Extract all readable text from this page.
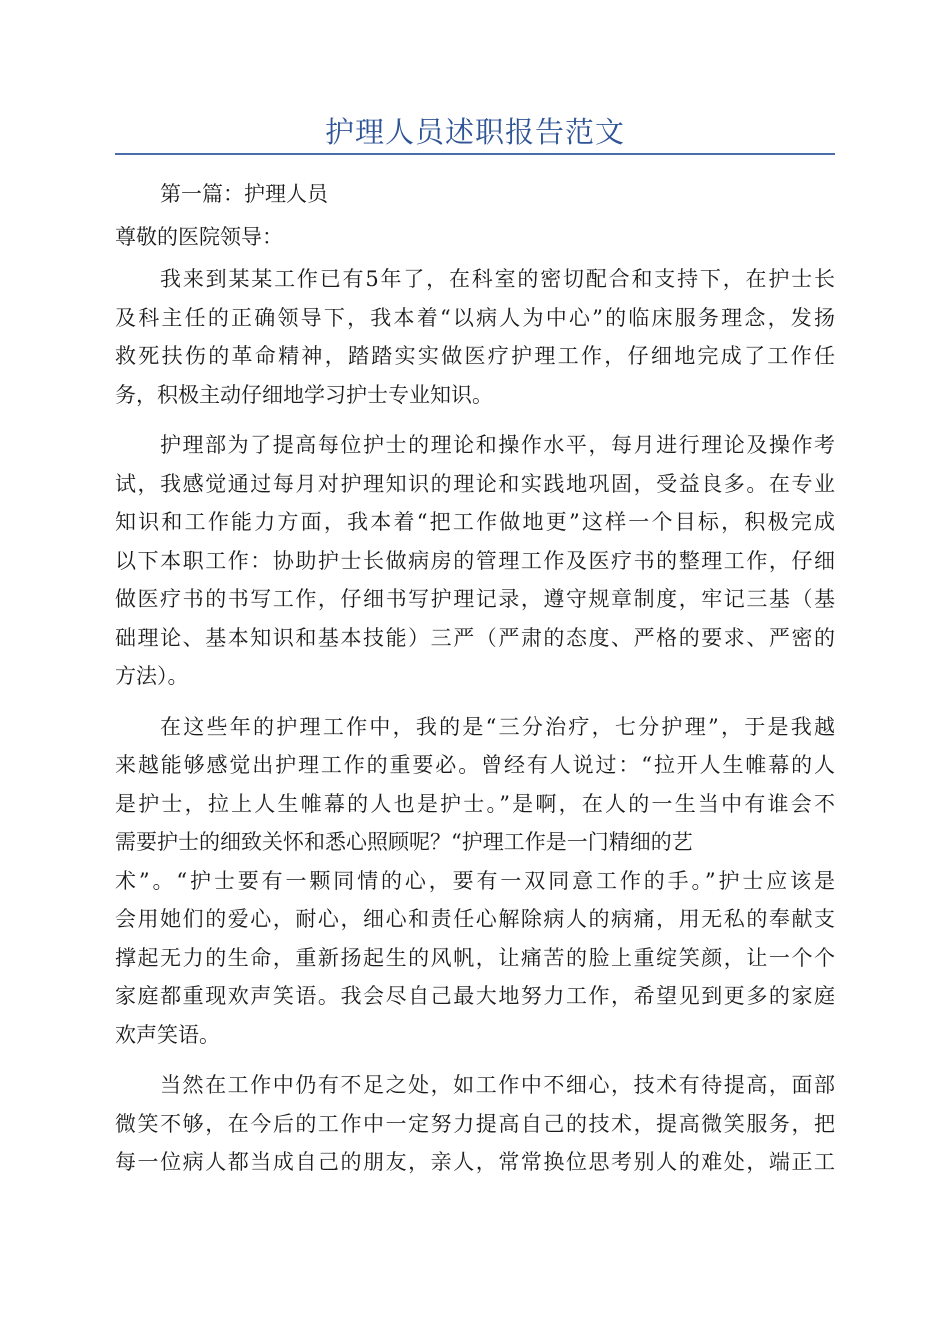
护理人员述职报告范文
第一篇：护理人员
尊敬的医院领导：
我来到某某工作已有5年了，在科室的密切配合和支持下，在护士长
及科主任的正确领导下，我本着“以病人为中心”的临床服务理念，发扬
救死扶伤的革命精神，踏踏实实做医疗护理工作，仔细地完成了工作任
务，积极主动仔细地学习护士专业知识。
护理部为了提高每位护士的理论和操作水平，每月进行理论及操作考
试，我感觉通过每月对护理知识的理论和实践地巩固，受益良多。在专业
知识和工作能力方面，我本着“把工作做地更”这样一个目标，积极完成
以下本职工作：协助护士长做病房的管理工作及医疗书的整理工作，仔细
做医疗书的书写工作，仔细书写护理记录，遵守规章制度，牢记三基（基
础理论、基本知识和基本技能）三严（严肃的态度、严格的要求、严密的
方法）。
在这些年的护理工作中，我的是“三分治疗，七分护理”，于是我越
来越能够感觉出护理工作的重要必。曾经有人说过：“拉开人生帷幕的人
是护士，拉上人生帷幕的人也是护士。”是啊，在人的一生当中有谁会不
需要护士的细致关怀和悉心照顾呢？“护理工作是一门精细的艺
术”。“护士要有一颗同情的心，要有一双同意工作的手。”护士应该是
会用她们的爱心，耐心，细心和责任心解除病人的病痛，用无私的奉献支
撑起无力的生命，重新扬起生的风帆，让痛苦的脸上重绽笑颜，让一个个
家庭都重现欢声笑语。我会尽自己最大地努力工作，希望见到更多的家庭
欢声笑语。
当然在工作中仍有不足之处，如工作中不细心，技术有待提高，面部
微笑不够，在今后的工作中一定努力提高自己的技术，提高微笑服务，把
每一位病人都当成自己的朋友，亲人，常常换位思考别人的难处，端正工
